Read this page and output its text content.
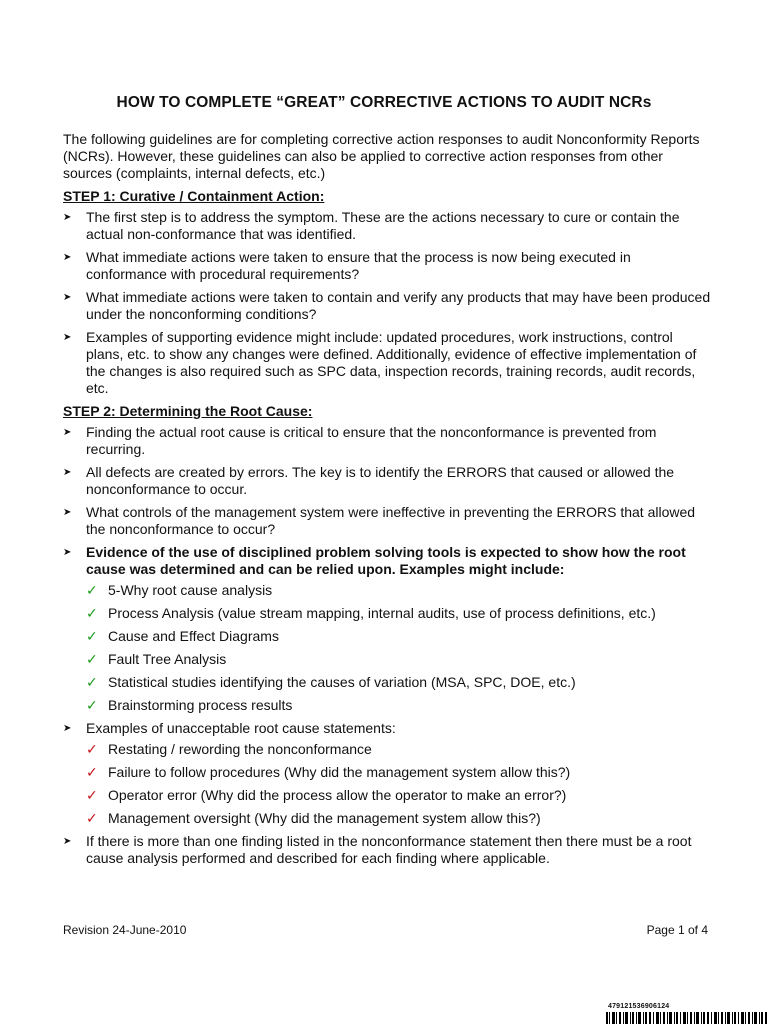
HOW TO COMPLETE “GREAT” CORRECTIVE ACTIONS TO AUDIT NCRs

The following guidelines are for completing corrective action responses to audit Nonconformity Reports (NCRs). However, these guidelines can also be applied to corrective action responses from other sources (complaints, internal defects, etc.)

STEP 1: Curative / Containment Action:
➤ The first step is to address the symptom. These are the actions necessary to cure or contain the actual non-conformance that was identified.
➤ What immediate actions were taken to ensure that the process is now being executed in conformance with procedural requirements?
➤ What immediate actions were taken to contain and verify any products that may have been produced under the nonconforming conditions?
➤ Examples of supporting evidence might include: updated procedures, work instructions, control plans, etc. to show any changes were defined. Additionally, evidence of effective implementation of the changes is also required such as SPC data, inspection records, training records, audit records, etc.
STEP 2: Determining the Root Cause:
➤ Finding the actual root cause is critical to ensure that the nonconformance is prevented from recurring.
➤ All defects are created by errors. The key is to identify the ERRORS that caused or allowed the nonconformance to occur.
➤ What controls of the management system were ineffective in preventing the ERRORS that allowed the nonconformance to occur?
➤ Evidence of the use of disciplined problem solving tools is expected to show how the root cause was determined and can be relied upon. Examples might include:
✓ 5-Why root cause analysis
✓ Process Analysis (value stream mapping, internal audits, use of process definitions, etc.)
✓ Cause and Effect Diagrams
✓ Fault Tree Analysis
✓ Statistical studies identifying the causes of variation (MSA, SPC, DOE, etc.)
✓ Brainstorming process results
➤ Examples of unacceptable root cause statements:
✓ Restating / rewording the nonconformance
✓ Failure to follow procedures (Why did the management system allow this?)
✓ Operator error (Why did the process allow the operator to make an error?)
✓ Management oversight (Why did the management system allow this?)
➤ If there is more than one finding listed in the nonconformance statement then there must be a root cause analysis performed and described for each finding where applicable.
Revision 24-June-2010	Page 1 of 4
479121536906124
